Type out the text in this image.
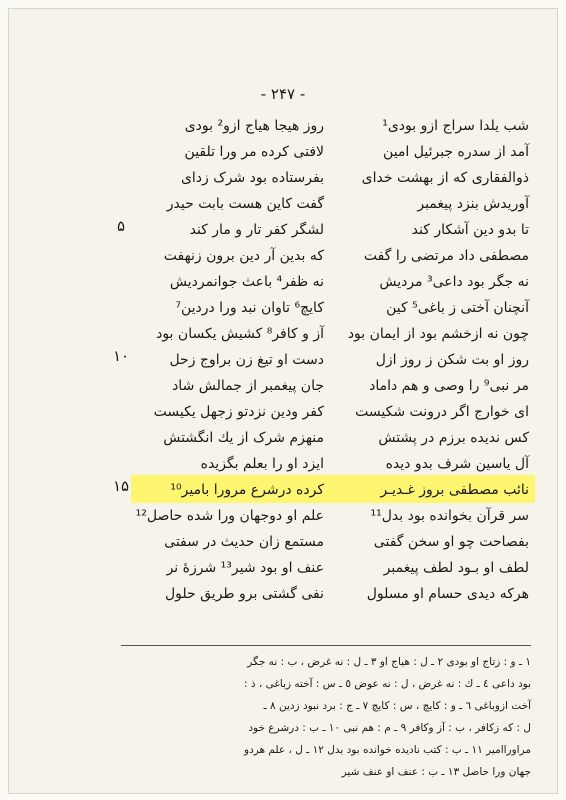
- ۲۴۷ -
شب یلدا سراج ازو بودی¹
روز هیجا هیاج ازو² بودی
آمد از سدره جبرئیل امین
لافتی کرده مر ورا تلقین
ذوالفقاری که از بهشت خدای
بفرستاده بود شرک زدای
آوریدش بنزد پیغمبر
گفت کاین هست بابت حیدر
تا بدو دین آشکار کند
لشگر کفر تار و مار کند
مصطفی داد مرتضی را گفت
که بدین آر دین برون زنهفت
نه جگر بود داعی³ مردیش
نه ظفر⁴ باعث جوانمردیش
آنچنان آختی ز باغی⁵ کین
کایچ⁶ تاوان نبد ورا دردین⁷
چون نه ازخشم بود از ایمان بود
آز و کافر⁸ کشیش یکسان بود
روز او بت شکن ز روز ازل
دست او تیغ زن براوج زحل
مر نبی⁹ را وصی و هم داماد
جان پیغمبر از جمالش شاد
ای خوارج اگر درونت شکیست
کفر ودین نزدتو زجهل یکیست
کس ندیده برزم در پشتش
منهزم شرک از یك انگشتش
آل یاسین شرف بدو دیده
ایزد او را بعلم بگزیده
نائب مصطفی بروز غـدیـر
کرده درشرع مرورا بامیر¹⁰
سر قرآن بخوانده بود بدل¹¹
علم او دوجهان ورا شده حاصل¹²
بفصاحت چو او سخن گفتی
مستمع زان حدیث در سفتی
لطف او بـود لطف پیغمبر
عنف او بود شیر¹³ شرزهٔ نر
هرکه دیدی حسام او مسلول
نفی گشتی برو طریق حلول
۵
۱۰
۱۵
١ ـ و : زتاج او بودی ٢ ـ ل : هیاج او ٣ ـ ل : نه غرض ، ب : نه جگر
بود داعی ٤ ـ ك : نه غرض ، ل : نه عوض ٥ ـ س : آخته زباغی ، ذ :
آخت ازوباغی ٦ ـ و : کایچ ، س : کایچ ٧ ـ ج : برد نبود زدین ٨ ـ
ل : که زکافر ، ب : آز وکافر ٩ ـ م : هم نبی ١٠ ـ ب : درشرع خود
مراوراامیر ١١ ـ ب : کتب نادیده خوانده بود بدل ١٢ ـ ل ، علم هردو
جهان ورا حاصل ١٣ ـ ب : عنف او عنف شیر
